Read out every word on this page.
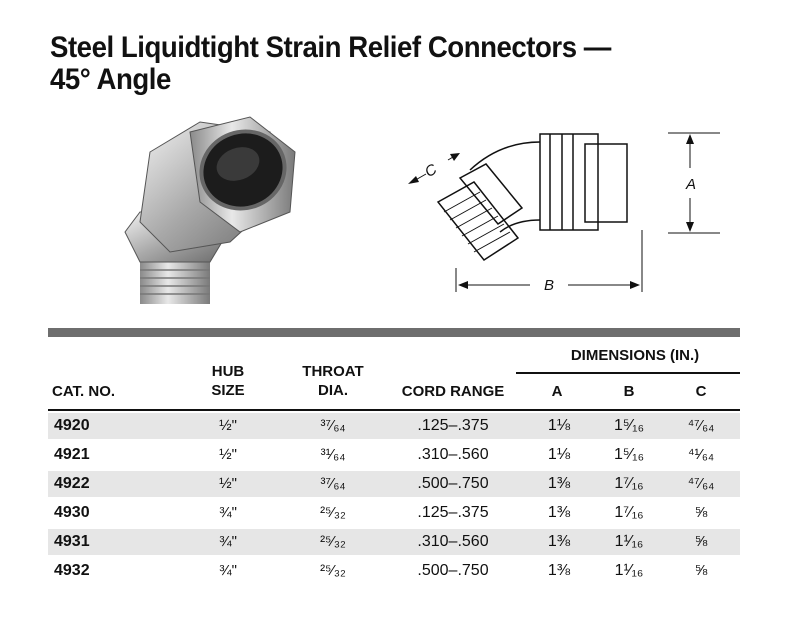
Steel Liquidtight Strain Relief Connectors —
45° Angle
A
B
C
CAT. NO.
HUB
SIZE
THROAT
DIA.	CORD RANGE
DIMENSIONS (IN.)
A	B	C
4920	½"	³⁷⁄₆₄	.125–.375	1⅛	1⁵⁄₁₆	⁴⁷⁄₆₄
4921	½"	³¹⁄₆₄	.310–.560	1⅛	1⁵⁄₁₆	⁴¹⁄₆₄
4922	½"	³⁷⁄₆₄	.500–.750	1⅜	1⁷⁄₁₆	⁴⁷⁄₆₄
4930	¾"	²⁵⁄₃₂	.125–.375	1⅜	1⁷⁄₁₆	⅝
4931	¾"	²⁵⁄₃₂	.310–.560	1⅜	1¹⁄₁₆	⅝
4932	¾"	²⁵⁄₃₂	.500–.750	1⅜	1¹⁄₁₆	⅝
